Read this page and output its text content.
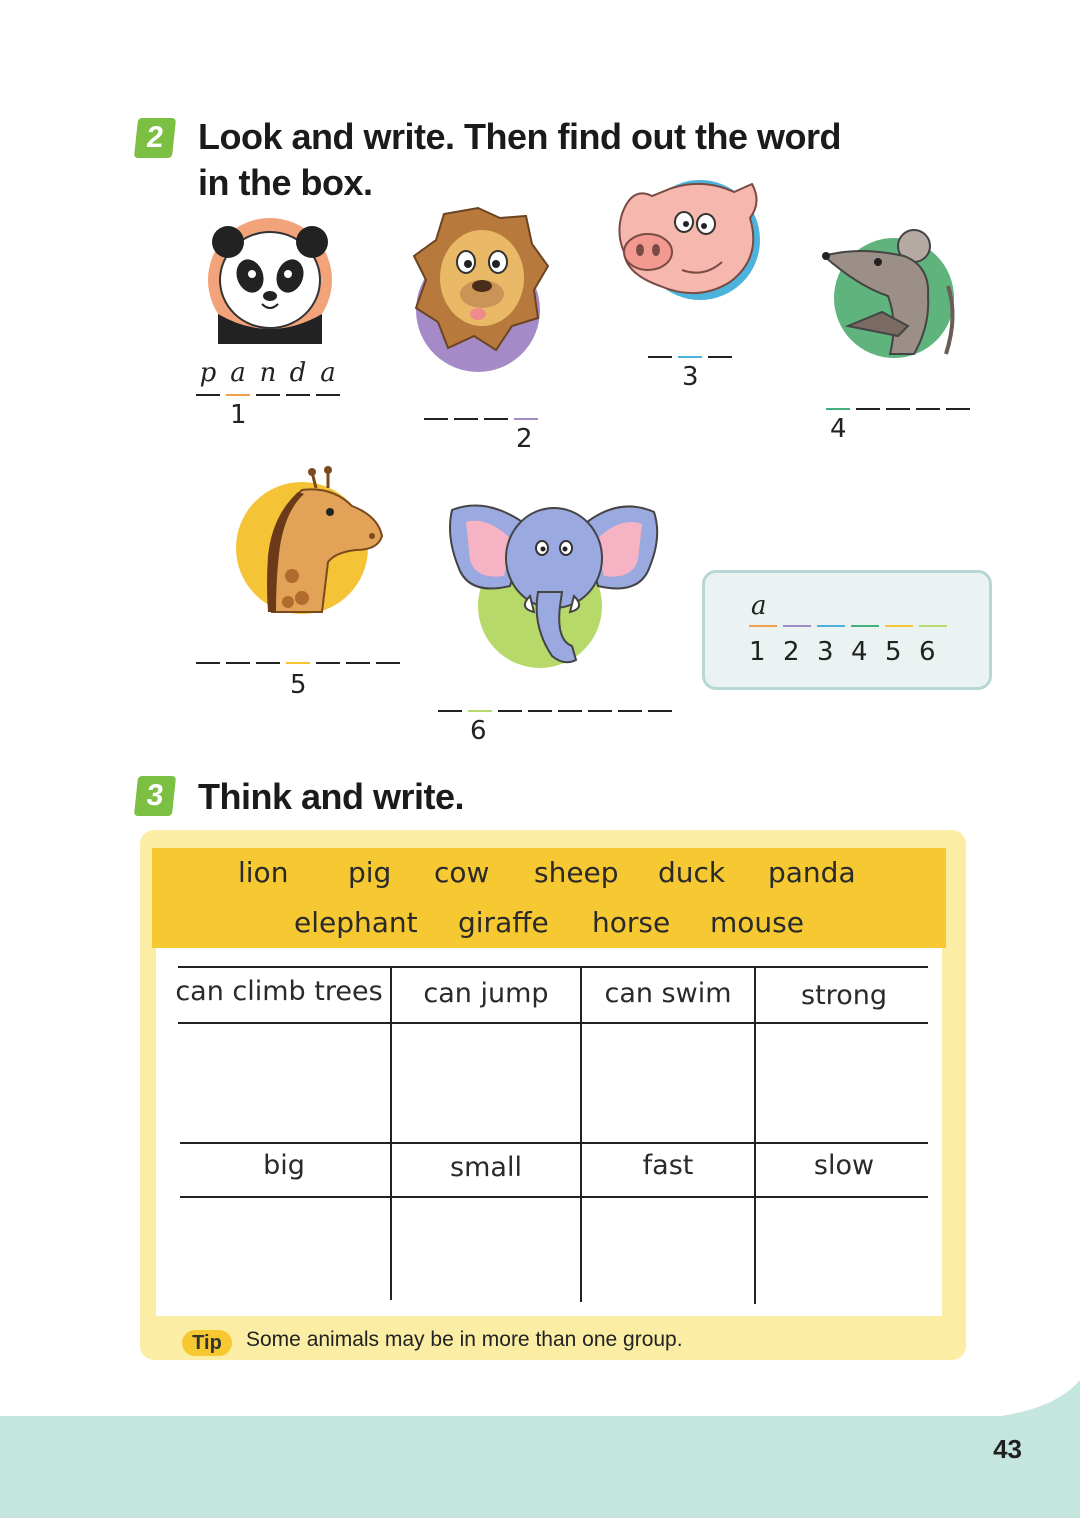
2 Look and write. Then find out the word
in the box.
p a n d a
1
2
3
4
5
6
a
1 2 3 4 5 6
3 Think and write.
lion pig cow sheep duck panda
elephant giraffe horse mouse
can climb trees	can jump	can swim	strong
big	small	fast	slow
Tip	Some animals may be in more than one group.
43
